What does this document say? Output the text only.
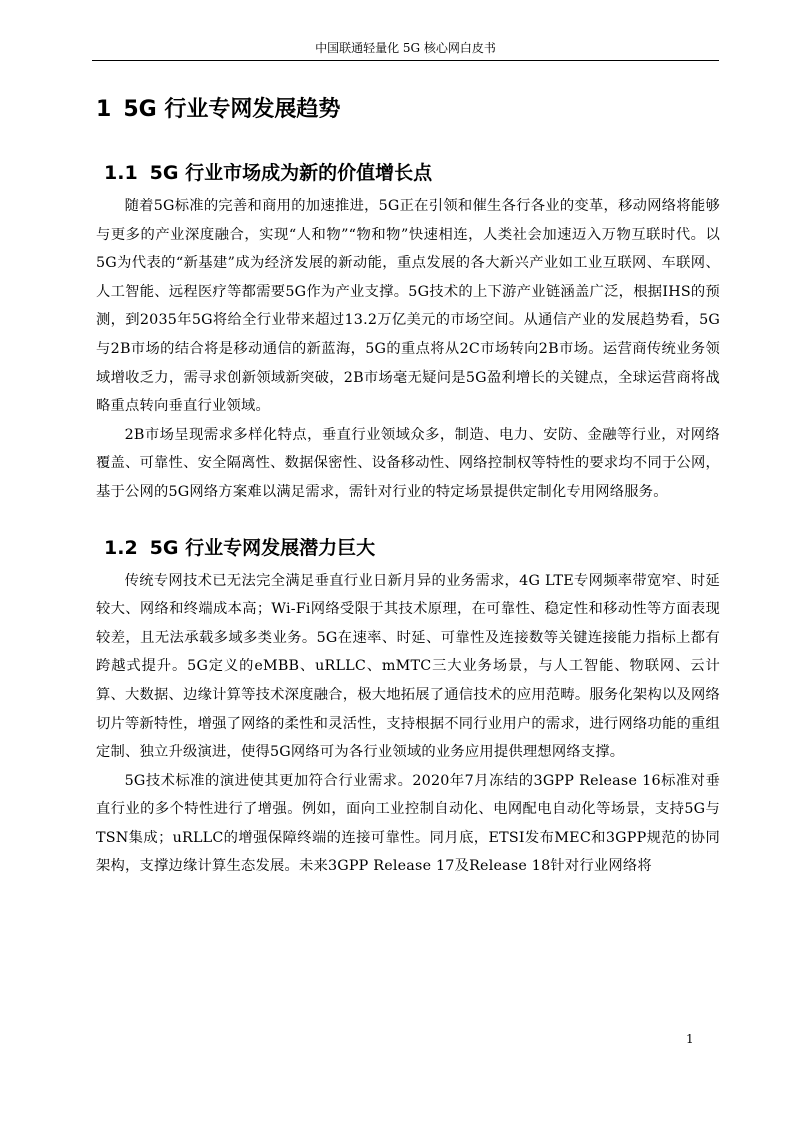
中国联通轻量化 5G 核心网白皮书
1 5G 行业专网发展趋势
1.1 5G 行业市场成为新的价值增长点

随着5G标准的完善和商用的加速推进，5G正在引领和催生各行各业的变革，移动网络将能够与更多的产业深度融合，实现“人和物”“物和物”快速相连，人类社会加速迈入万物互联时代。以5G为代表的“新基建”成为经济发展的新动能，重点发展的各大新兴产业如工业互联网、车联网、人工智能、远程医疗等都需要5G作为产业支撑。5G技术的上下游产业链涵盖广泛，根据IHS的预测，到2035年5G将给全行业带来超过13.2万亿美元的市场空间。从通信产业的发展趋势看，5G与2B市场的结合将是移动通信的新蓝海，5G的重点将从2C市场转向2B市场。运营商传统业务领域增收乏力，需寻求创新领域新突破，2B市场毫无疑问是5G盈利增长的关键点，全球运营商将战略重点转向垂直行业领域。

2B市场呈现需求多样化特点，垂直行业领域众多，制造、电力、安防、金融等行业，对网络覆盖、可靠性、安全隔离性、数据保密性、设备移动性、网络控制权等特性的要求均不同于公网，基于公网的5G网络方案难以满足需求，需针对行业的特定场景提供定制化专用网络服务。

1.2 5G 行业专网发展潜力巨大

传统专网技术已无法完全满足垂直行业日新月异的业务需求，4G LTE专网频率带宽窄、时延较大、网络和终端成本高；Wi-Fi网络受限于其技术原理，在可靠性、稳定性和移动性等方面表现较差，且无法承载多域多类业务。5G在速率、时延、可靠性及连接数等关键连接能力指标上都有跨越式提升。5G定义的eMBB、uRLLC、mMTC三大业务场景，与人工智能、物联网、云计算、大数据、边缘计算等技术深度融合，极大地拓展了通信技术的应用范畴。服务化架构以及网络切片等新特性，增强了网络的柔性和灵活性，支持根据不同行业用户的需求，进行网络功能的重组定制、独立升级演进，使得5G网络可为各行业领域的业务应用提供理想网络支撑。

5G技术标准的演进使其更加符合行业需求。2020年7月冻结的3GPP Release 16标准对垂直行业的多个特性进行了增强。例如，面向工业控制自动化、电网配电自动化等场景，支持5G与TSN集成；uRLLC的增强保障终端的连接可靠性。同月底，ETSI发布MEC和3GPP规范的协同架构，支撑边缘计算生态发展。未来3GPP Release 17及Release 18针对行业网络将

1
